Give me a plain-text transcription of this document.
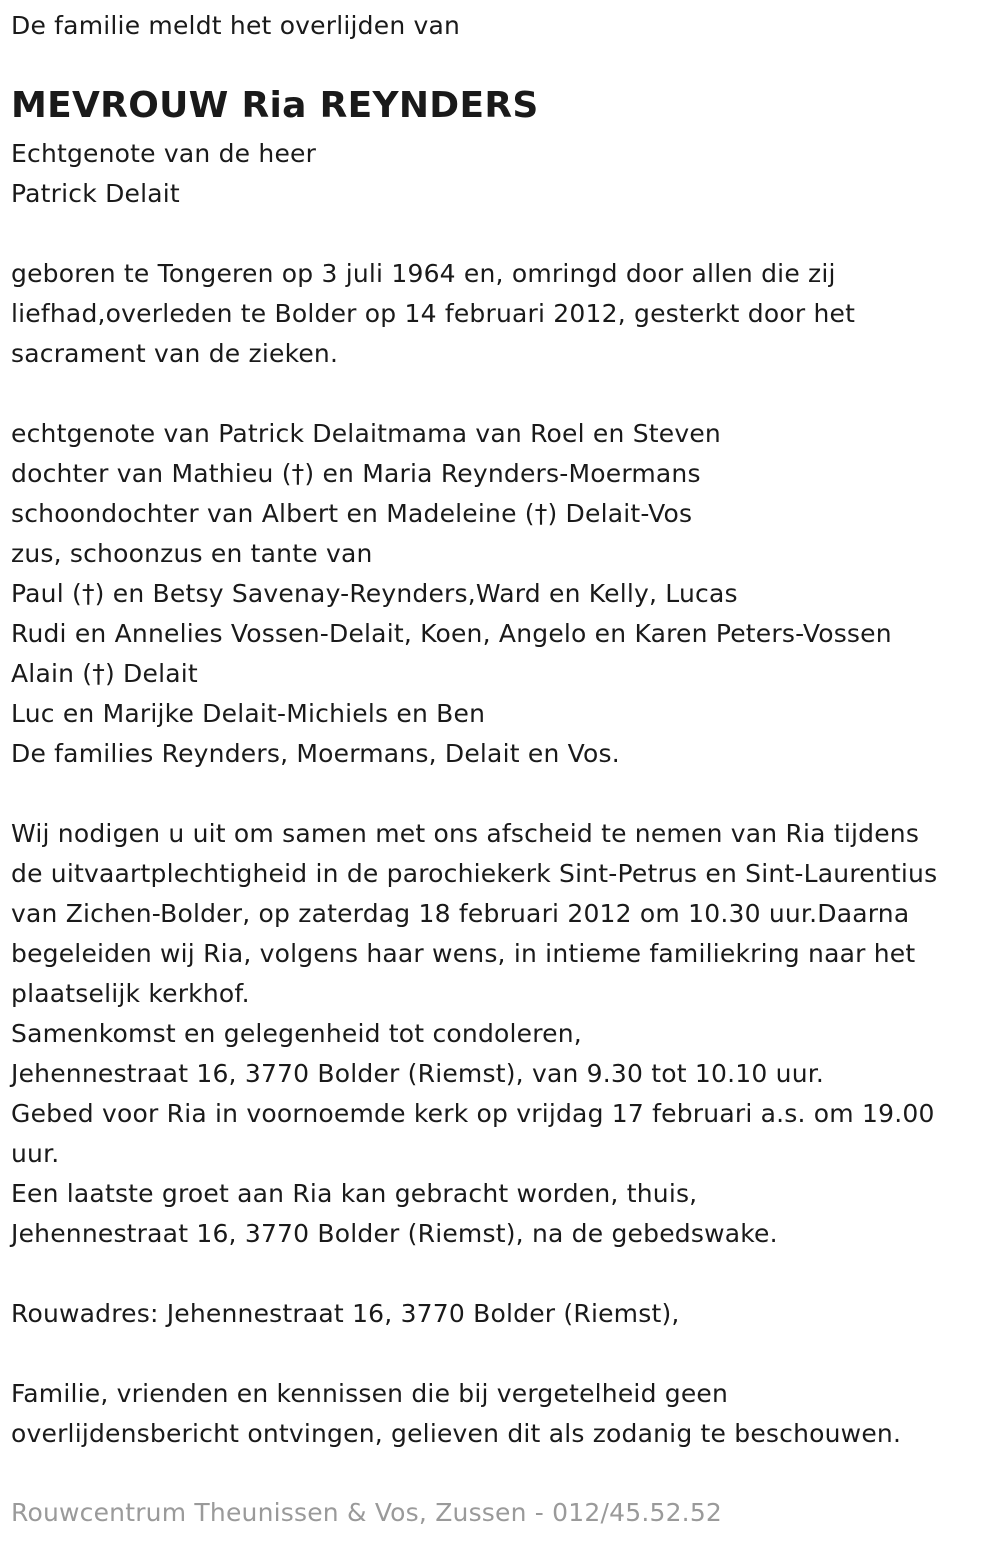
De familie meldt het overlijden van
MEVROUW Ria REYNDERS
Echtgenote van de heer
Patrick Delait
geboren te Tongeren op 3 juli 1964 en, omringd door allen die zij
liefhad,overleden te Bolder op 14 februari 2012, gesterkt door het
sacrament van de zieken.
echtgenote van Patrick Delaitmama van Roel en Steven
dochter van Mathieu (†) en Maria Reynders-Moermans
schoondochter van Albert en Madeleine (†) Delait-Vos
zus, schoonzus en tante van
Paul (†) en Betsy Savenay-Reynders,Ward en Kelly, Lucas
Rudi en Annelies Vossen-Delait, Koen, Angelo en Karen Peters-Vossen
Alain (†) Delait
Luc en Marijke Delait-Michiels en Ben
De families Reynders, Moermans, Delait en Vos.
Wij nodigen u uit om samen met ons afscheid te nemen van Ria tijdens
de uitvaartplechtigheid in de parochiekerk Sint-Petrus en Sint-Laurentius
van Zichen-Bolder, op zaterdag 18 februari 2012 om 10.30 uur.Daarna
begeleiden wij Ria, volgens haar wens, in intieme familiekring naar het
plaatselijk kerkhof.
Samenkomst en gelegenheid tot condoleren,
Jehennestraat 16, 3770 Bolder (Riemst), van 9.30 tot 10.10 uur.
Gebed voor Ria in voornoemde kerk op vrijdag 17 februari a.s. om 19.00
uur.
Een laatste groet aan Ria kan gebracht worden, thuis,
Jehennestraat 16, 3770 Bolder (Riemst), na de gebedswake.
Rouwadres: Jehennestraat 16, 3770 Bolder (Riemst),
Familie, vrienden en kennissen die bij vergetelheid geen
overlijdensbericht ontvingen, gelieven dit als zodanig te beschouwen.
Rouwcentrum Theunissen & Vos, Zussen - 012/45.52.52
